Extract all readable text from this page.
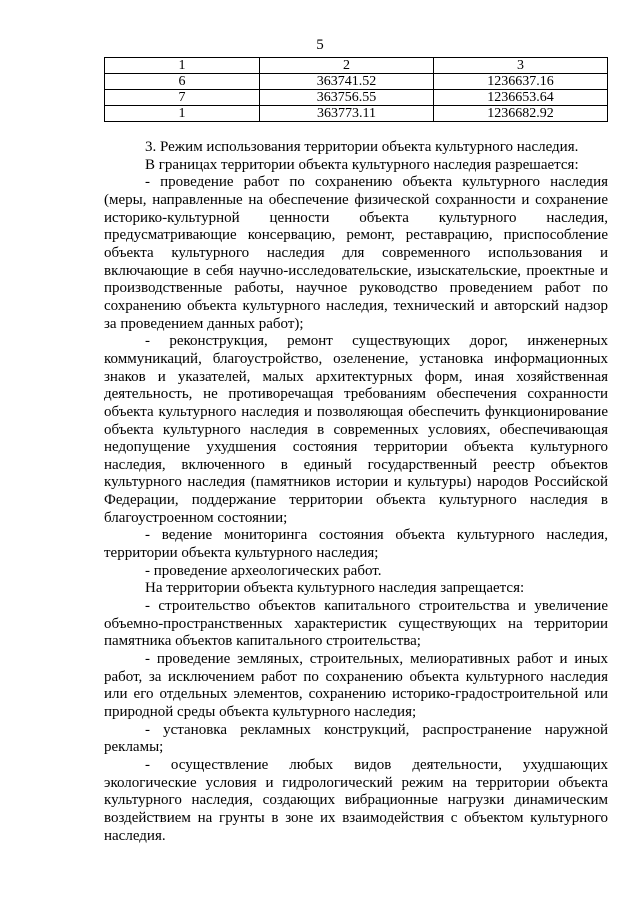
5
1	2	3
6	363741.52	1236637.16
7	363756.55	1236653.64
1	363773.11	1236682.92

3. Режим использования территории объекта культурного наследия.

В границах территории объекта культурного наследия разрешается:

- проведение работ по сохранению объекта культурного наследия (меры, направленные на обеспечение физической сохранности и сохранение историко-культурной ценности объекта культурного наследия, предусматривающие консервацию, ремонт, реставрацию, приспособление объекта культурного наследия для современного использования и включающие в себя научно-исследовательские, изыскательские, проектные и производственные работы, научное руководство проведением работ по сохранению объекта культурного наследия, технический и авторский надзор за проведением данных работ);

- реконструкция, ремонт существующих дорог, инженерных коммуникаций, благоустройство, озеленение, установка информационных знаков и указателей, малых архитектурных форм, иная хозяйственная деятельность, не противоречащая требованиям обеспечения сохранности объекта культурного наследия и позволяющая обеспечить функционирование объекта культурного наследия в современных условиях, обеспечивающая недопущение ухудшения состояния территории объекта культурного наследия, включенного в единый государственный реестр объектов культурного наследия (памятников истории и культуры) народов Российской Федерации, поддержание территории объекта культурного наследия в благоустроенном состоянии;

- ведение мониторинга состояния объекта культурного наследия, территории объекта культурного наследия;

- проведение археологических работ.

На территории объекта культурного наследия запрещается:

- строительство объектов капитального строительства и увеличение объемно-пространственных характеристик существующих на территории памятника объектов капитального строительства;

- проведение земляных, строительных, мелиоративных работ и иных работ, за исключением работ по сохранению объекта культурного наследия или его отдельных элементов, сохранению историко-градостроительной или природной среды объекта культурного наследия;

- установка рекламных конструкций, распространение наружной рекламы;

- осуществление любых видов деятельности, ухудшающих экологические условия и гидрологический режим на территории объекта культурного наследия, создающих вибрационные нагрузки динамическим воздействием на грунты в зоне их взаимодействия с объектом культурного наследия.
